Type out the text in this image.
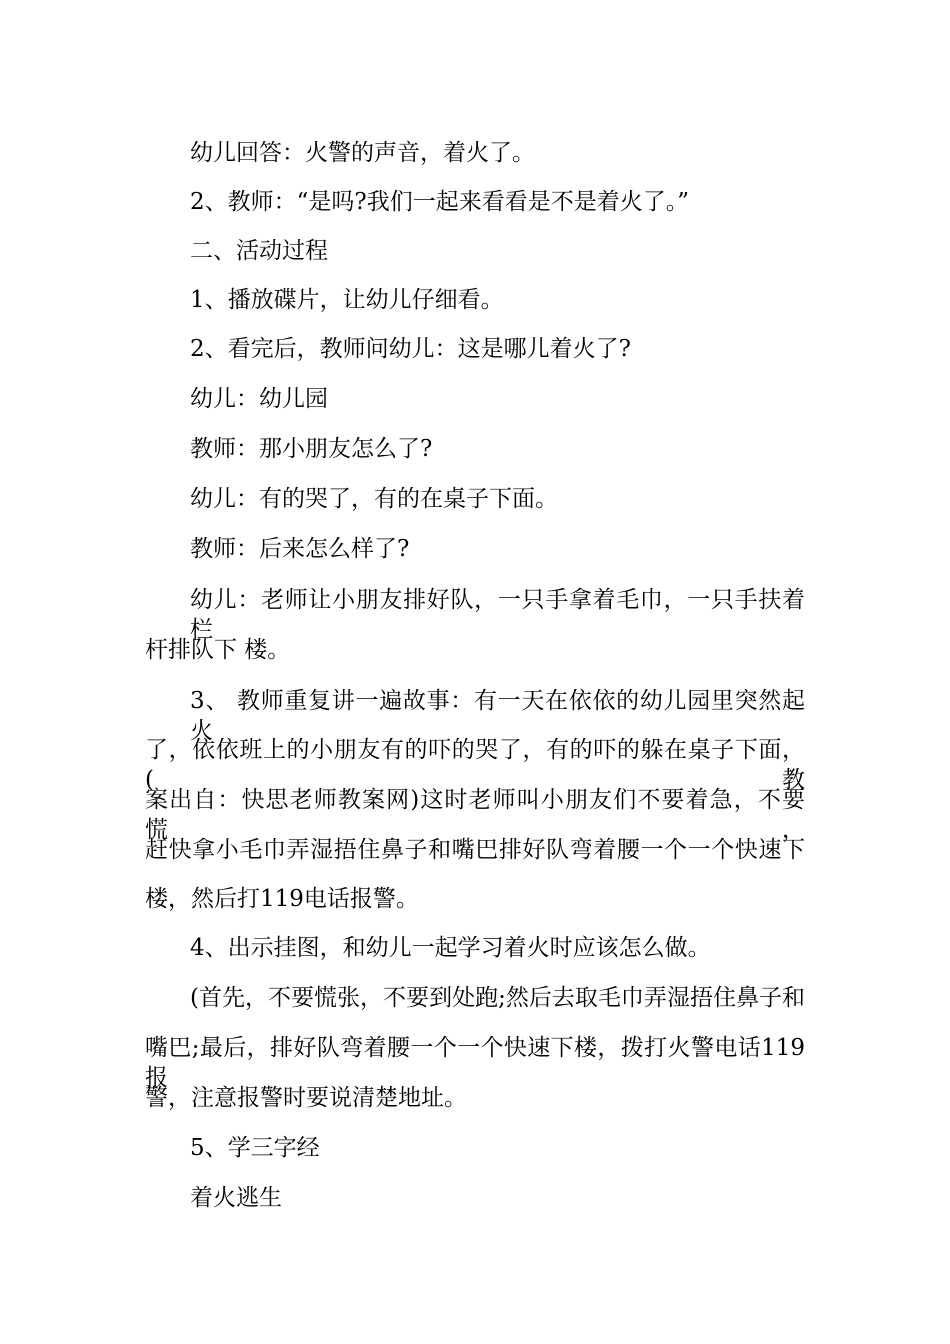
幼儿回答：火警的声音，着火了。
2、教师：“是吗?我们一起来看看是不是着火了。”
二、活动过程
1、播放碟片，让幼儿仔细看。
2、看完后，教师问幼儿：这是哪儿着火了?
幼儿：幼儿园
教师：那小朋友怎么了?
幼儿：有的哭了，有的在桌子下面。
教师：后来怎么样了?
幼儿：老师让小朋友排好队，一只手拿着毛巾，一只手扶着栏
杆排队下 楼。
3、 教师重复讲一遍故事：有一天在依依的幼儿园里突然起火
了，依依班上的小朋友有的吓的哭了，有的吓的躲在桌子下面，(教
案出自：快思老师教案网)这时老师叫小朋友们不要着急，不要慌，
赶快拿小毛巾弄湿捂住鼻子和嘴巴排好队弯着腰一个一个快速下
楼，然后打119电话报警。
4、出示挂图，和幼儿一起学习着火时应该怎么做。
(首先，不要慌张，不要到处跑;然后去取毛巾弄湿捂住鼻子和
嘴巴;最后，排好队弯着腰一个一个快速下楼，拨打火警电话119报
警，注意报警时要说清楚地址。
5、学三字经
着火逃生
